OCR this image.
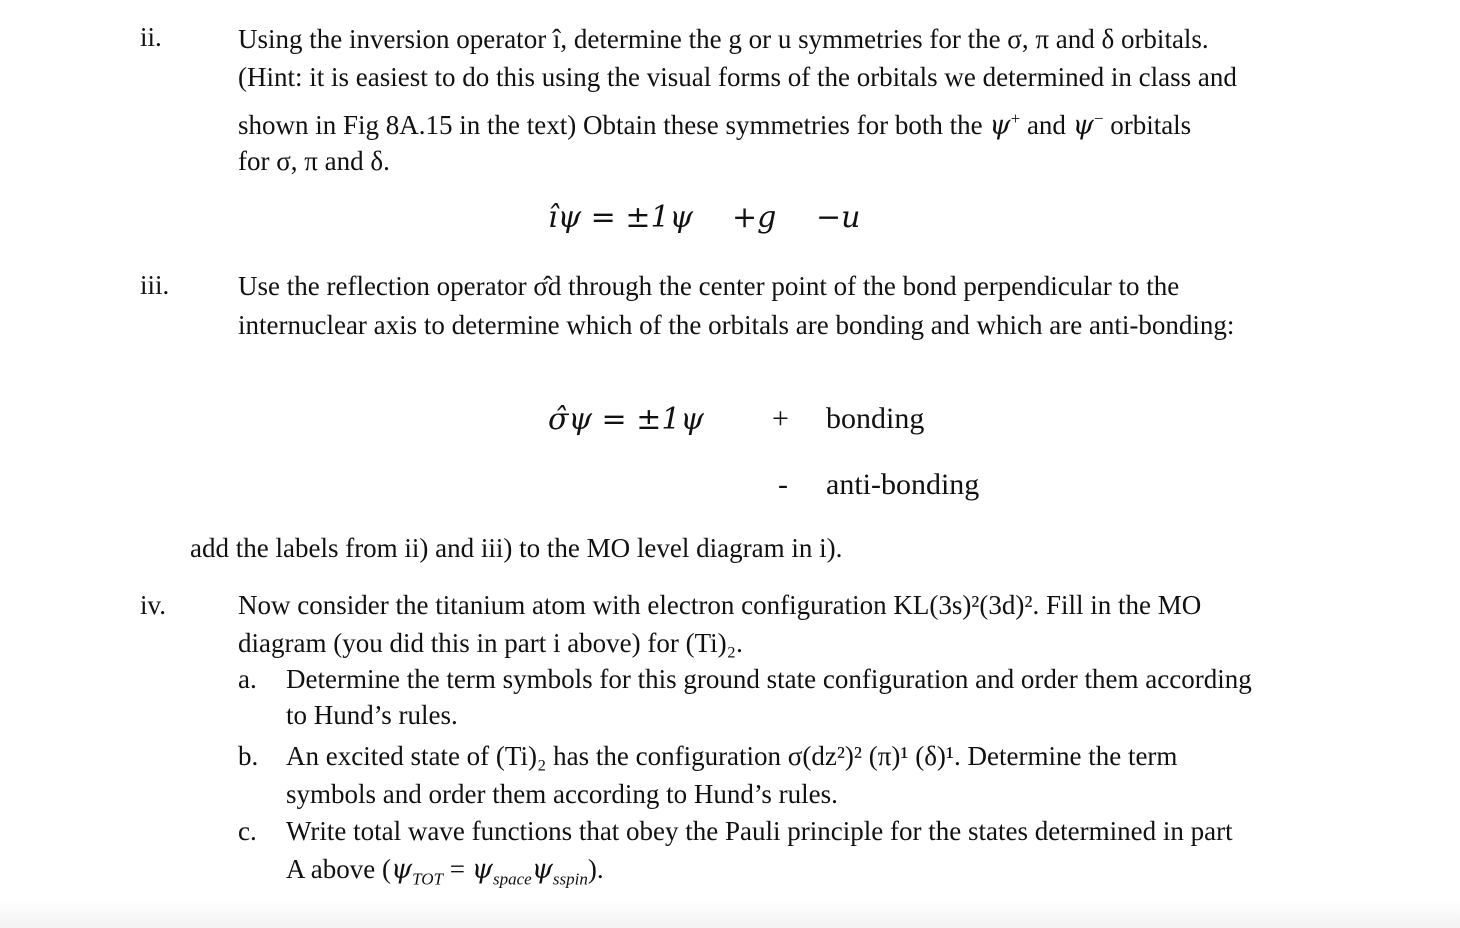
ii.	Using the inversion operator î, determine the g or u symmetries for the σ, π and δ orbitals.
(Hint: it is easiest to do this using the visual forms of the orbitals we determined in class and
shown in Fig 8A.15 in the text) Obtain these symmetries for both the ψ+ and ψ− orbitals
for σ, π and δ.
îψ = ±1ψ +g −u
iii.	Use the reflection operator σ̂d through the center point of the bond perpendicular to the
internuclear axis to determine which of the orbitals are bonding and which are anti-bonding:
σ̂ψ = ±1ψ + bonding
- anti-bonding
add the labels from ii) and iii) to the MO level diagram in i).
iv.	Now consider the titanium atom with electron configuration KL(3s)²(3d)². Fill in the MO
diagram (you did this in part i above) for (Ti)₂.
a. Determine the term symbols for this ground state configuration and order them according
to Hund’s rules.
b. An excited state of (Ti)₂ has the configuration σ(dz²)² (π)¹ (δ)¹. Determine the term
symbols and order them according to Hund’s rules.
c. Write total wave functions that obey the Pauli principle for the states determined in part
A above $(\psi_{TOT} = \psi_{space}\psi_{sspin})$.
